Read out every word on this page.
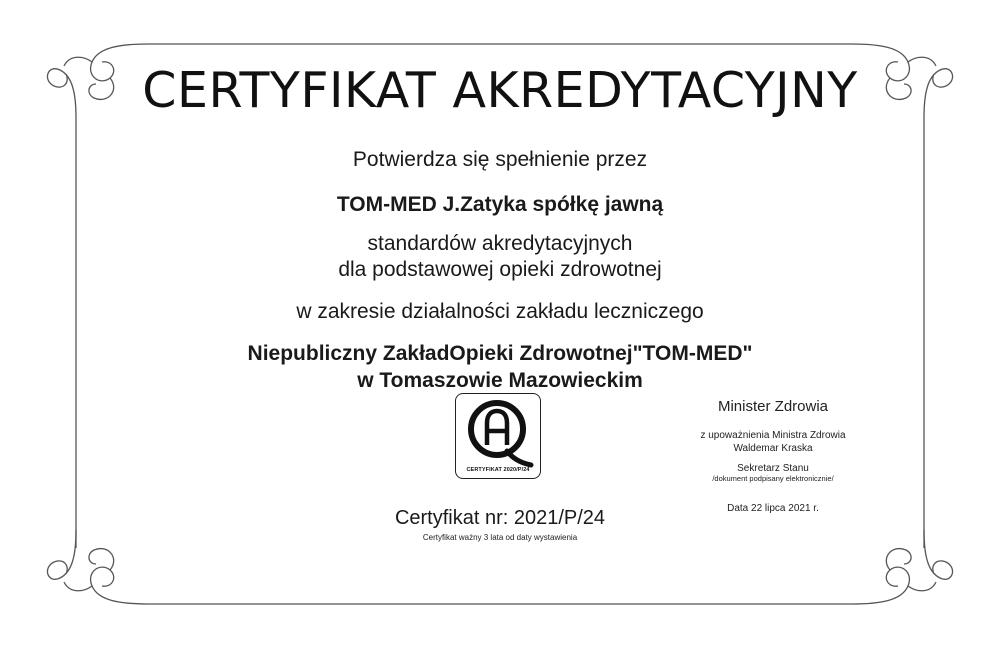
CERTYFIKAT AKREDYTACYJNY
Potwierdza się spełnienie przez
TOM-MED J.Zatyka spółkę jawną
standardów akredytacyjnych
dla podstawowej opieki zdrowotnej
w zakresie działalności zakładu leczniczego
Niepubliczny ZakładOpieki Zdrowotnej"TOM-MED"
w Tomaszowie Mazowieckim
CERTYFIKAT 2020/P/24
Minister Zdrowia
z upoważnienia Ministra Zdrowia
Waldemar Kraska
Sekretarz Stanu
/dokument podpisany elektronicznie/
Data 22 lipca 2021 r.
Certyfikat nr: 2021/P/24
Certyfikat ważny 3 lata od daty wystawienia
